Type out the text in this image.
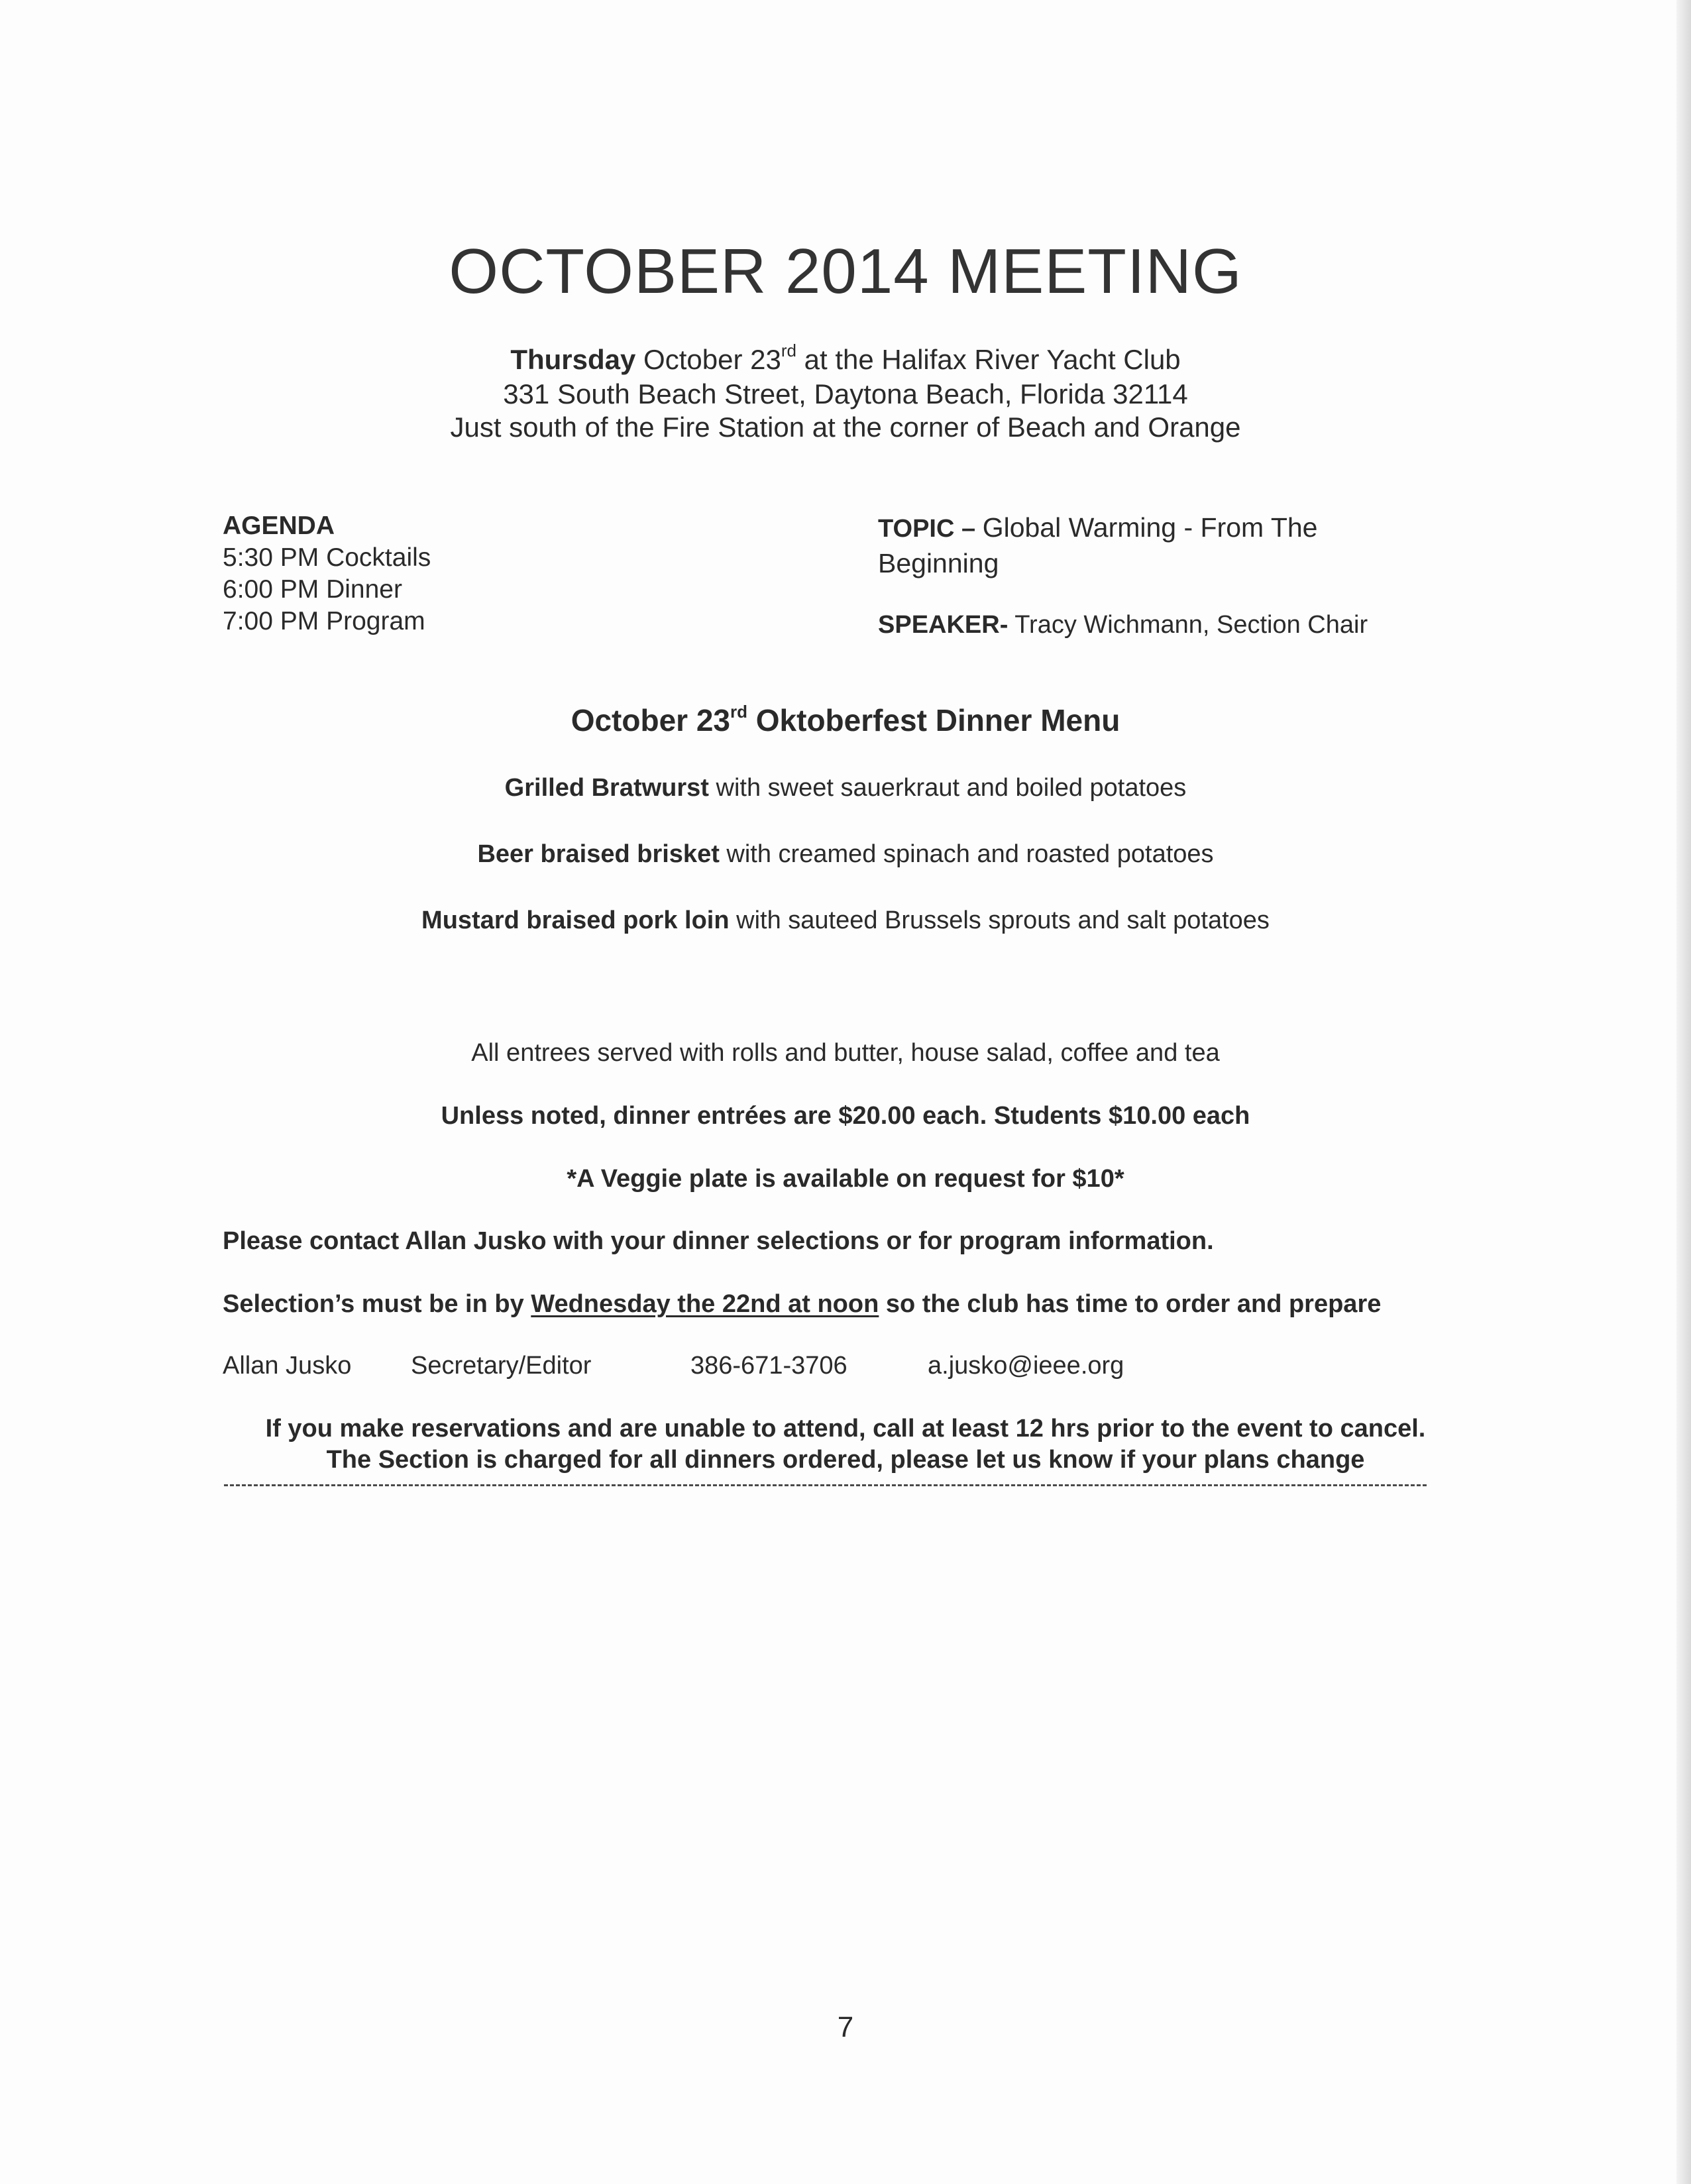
OCTOBER 2014 MEETING
Thursday October 23rd at the Halifax River Yacht Club
331 South Beach Street, Daytona Beach, Florida 32114
Just south of the Fire Station at the corner of Beach and Orange
AGENDA
5:30 PM Cocktails
6:00 PM Dinner
7:00 PM Program
TOPIC – Global Warming - From The
Beginning
SPEAKER- Tracy Wichmann, Section Chair
October 23rd Oktoberfest Dinner Menu
Grilled Bratwurst with sweet sauerkraut and boiled potatoes
Beer braised brisket with creamed spinach and roasted potatoes
Mustard braised pork loin with sauteed Brussels sprouts and salt potatoes
All entrees served with rolls and butter, house salad, coffee and tea
Unless noted, dinner entrées are $20.00 each. Students $10.00 each
*A Veggie plate is available on request for $10*
Please contact Allan Jusko with your dinner selections or for program information.
Selection’s must be in by Wednesday the 22nd at noon so the club has time to order and prepare
Allan Jusko Secretary/Editor	386-671-3706	a.jusko@ieee.org
If you make reservations and are unable to attend, call at least 12 hrs prior to the event to cancel.
The Section is charged for all dinners ordered, please let us know if your plans change
7
